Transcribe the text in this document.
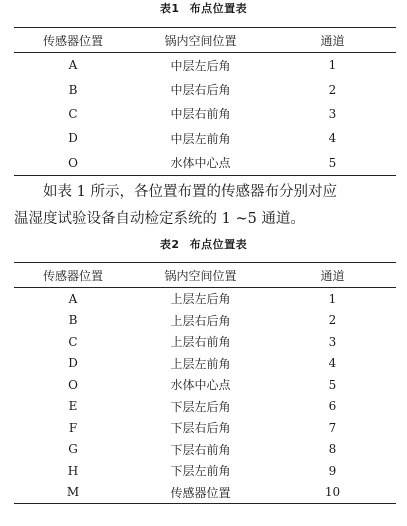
表1 布点位置表
传感器位置	锅内空间位置	通道
A	中层左后角	1
B	中层右后角	2
C	中层右前角	3
D	中层左前角	4
O	水体中心点	5
如表 1 所示，各位置布置的传感器布分别对应
温湿度试验设备自动检定系统的 1 ~5 通道。
表2 布点位置表
传感器位置	锅内空间位置	通道
A	上层左后角	1
B	上层右后角	2
C	上层右前角	3
D	上层左前角	4
O	水体中心点	5
E	下层左后角	6
F	下层右后角	7
G	下层右前角	8
H	下层左前角	9
M	传感器位置	10
